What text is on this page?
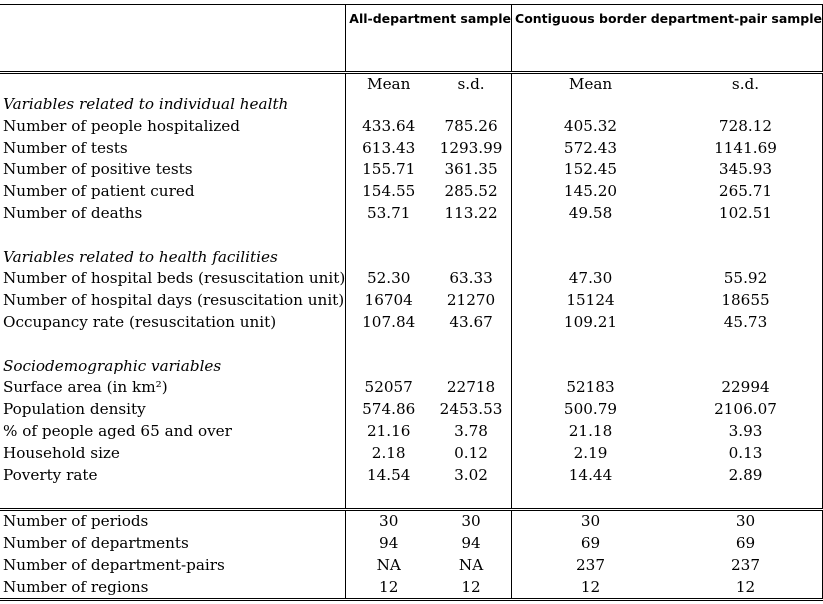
	All-department sample		Contiguous border department-pair sample	
	Mean	s.d.	Mean	s.d.
Variables related to individual health				
Number of people hospitalized	433.64	785.26	405.32	728.12
Number of tests	613.43	1293.99	572.43	1141.69
Number of positive tests	155.71	361.35	152.45	345.93
Number of patient cured	154.55	285.52	145.20	265.71
Number of deaths	53.71	113.22	49.58	102.51

Variables related to health facilities				
Number of hospital beds (resuscitation unit)	52.30	63.33	47.30	55.92
Number of hospital days (resuscitation unit)	16704	21270	15124	18655
Occupancy rate (resuscitation unit)	107.84	43.67	109.21	45.73

Sociodemographic variables				
Surface area (in km²)	52057	22718	52183	22994
Population density	574.86	2453.53	500.79	2106.07
% of people aged 65 and over	21.16	3.78	21.18	3.93
Household size	2.18	0.12	2.19	0.13
Poverty rate	14.54	3.02	14.44	2.89

Number of periods	30	30	30	30
Number of departments	94	94	69	69
Number of department-pairs	NA	NA	237	237
Number of regions	12	12	12	12
